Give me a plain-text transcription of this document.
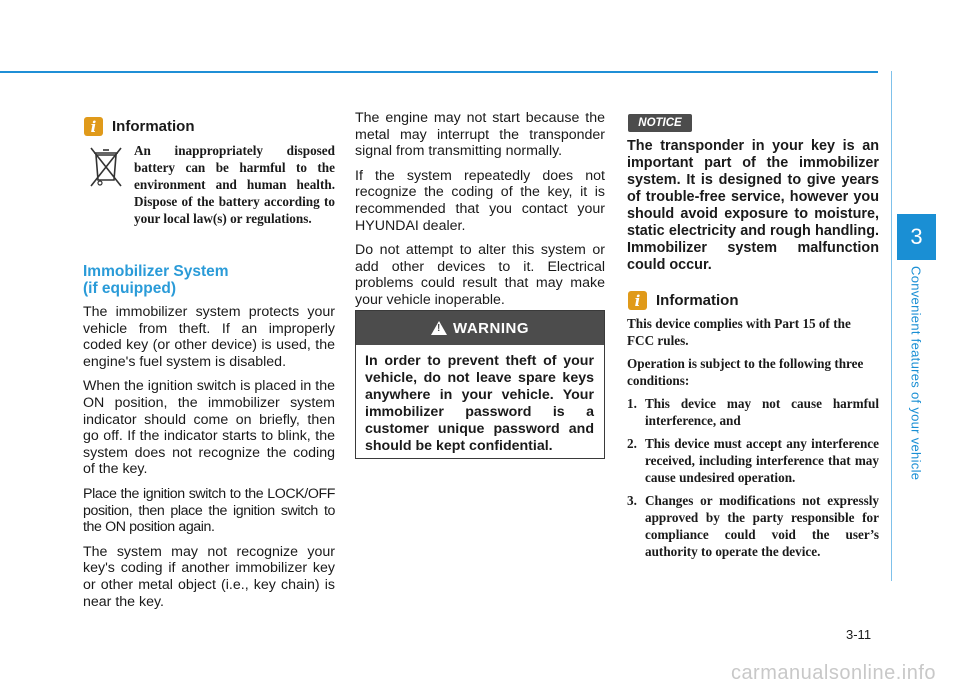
3
Convenient features of your vehicle
i	Information
An inappropriately disposed battery can be harmful to the environment and human health. Dispose of the battery according to your local law(s) or regulations.
Immobilizer System
(if equipped)

The immobilizer system protects your vehicle from theft. If an improperly coded key (or other device) is used, the engine's fuel system is disabled.

When the ignition switch is placed in the ON position, the immobilizer system indicator should come on briefly, then go off. If the indicator starts to blink, the system does not recognize the coding of the key.

Place the ignition switch to the LOCK/OFF position, then place the ignition switch to the ON position again.

The system may not recognize your key's coding if another immobilizer key or other metal object (i.e., key chain) is near the key.

The engine may not start because the metal may interrupt the transponder signal from transmitting normally.

If the system repeatedly does not recognize the coding of the key, it is recommended that you contact your HYUNDAI dealer.

Do not attempt to alter this system or add other devices to it. Electrical problems could result that may make your vehicle inoperable.

! WARNING
In order to prevent theft of your vehicle, do not leave spare keys anywhere in your vehicle. Your immobilizer password is a customer unique password and should be kept confidential.
NOTICE
The transponder in your key is an important part of the immobilizer system. It is designed to give years of trouble-free service, however you should avoid exposure to moisture, static electricity and rough handling. Immobilizer system malfunction could occur.
i	Information

This device complies with Part 15 of the FCC rules.

Operation is subject to the following three conditions:

1. This device may not cause harmful interference, and
2. This device must accept any interference received, including interference that may cause undesired operation.
3. Changes or modifications not expressly approved by the party responsible for compliance could void the user’s authority to operate the device.
3-11
carmanualsonline.info
